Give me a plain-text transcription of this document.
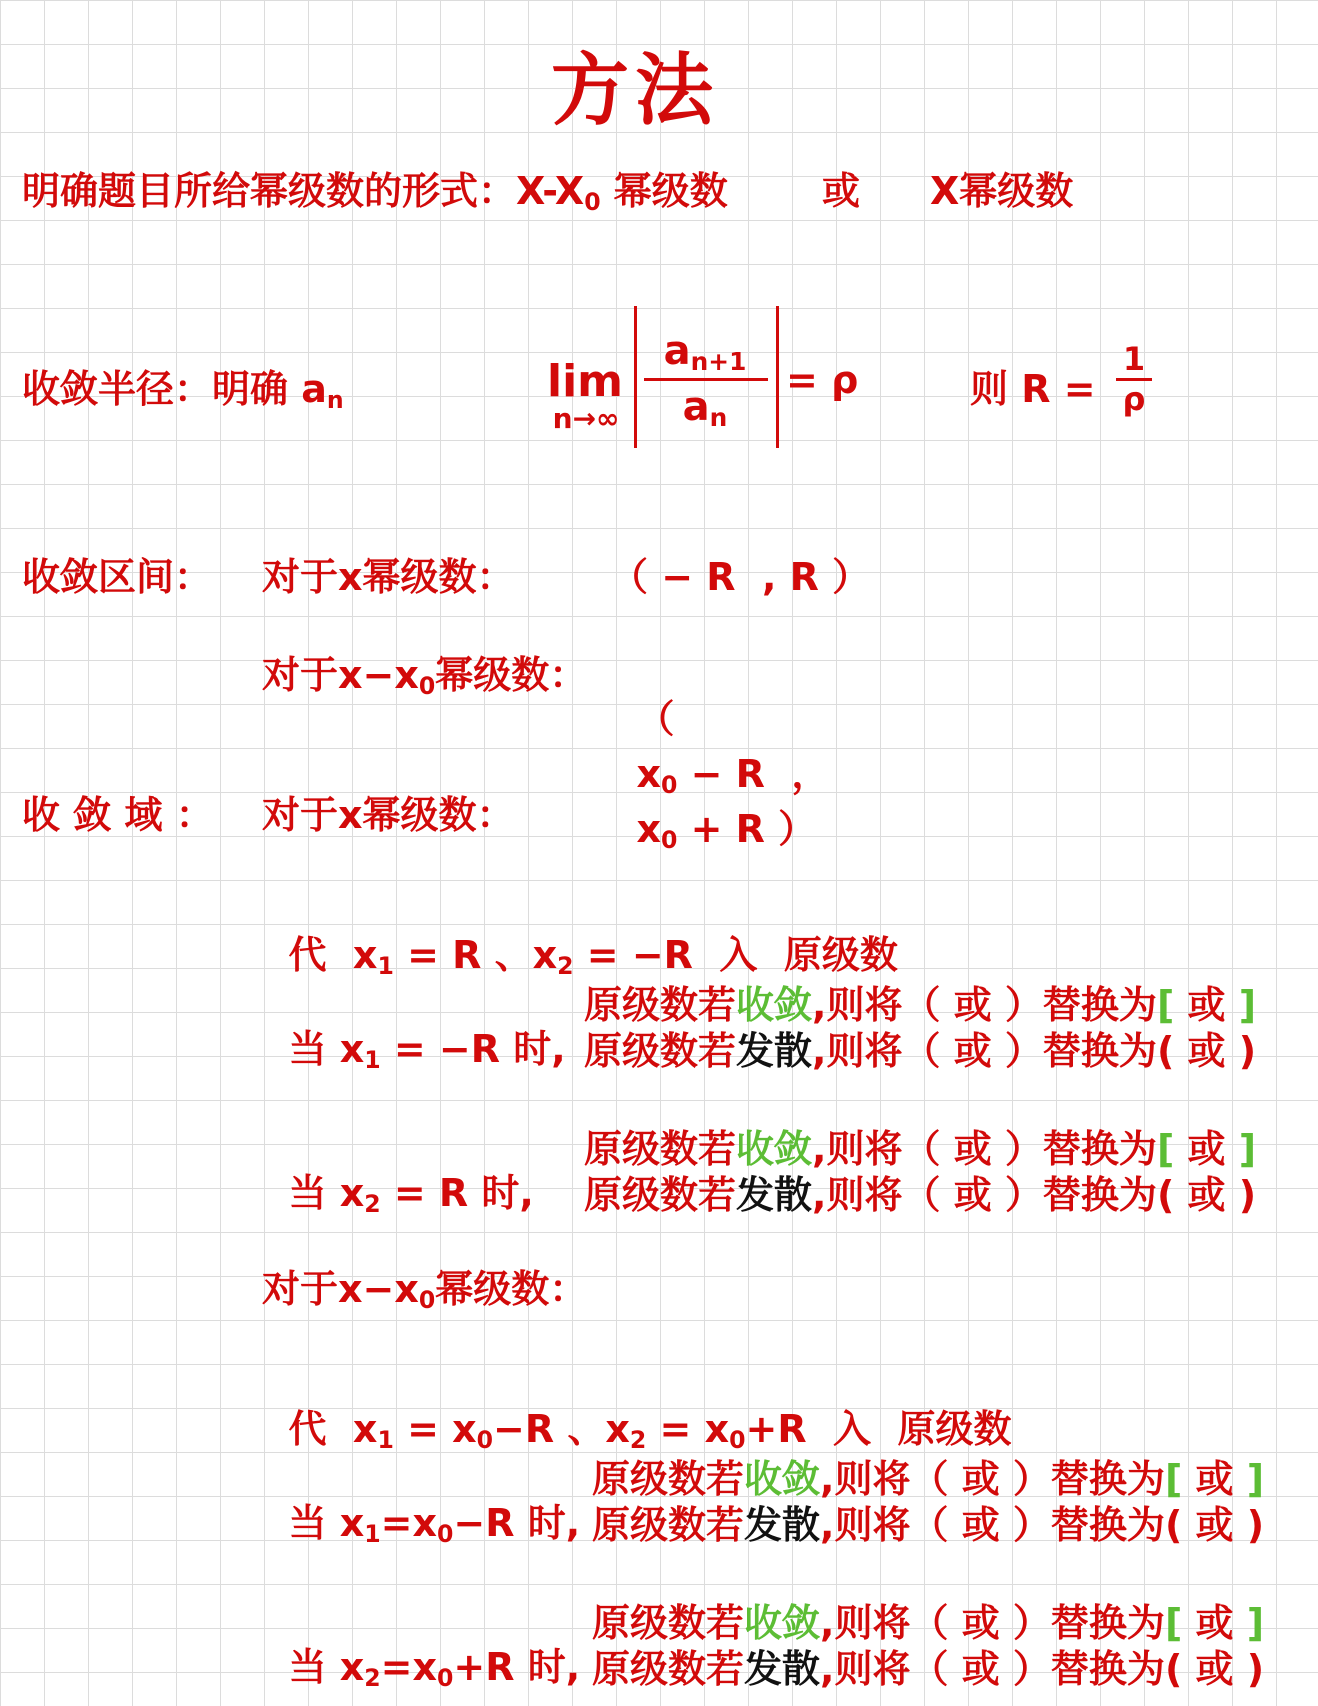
方法
明确题目所给幂级数的形式：$X-X_0$ 幂级数 或 X幂级数
收敛半径：明确 $a_n$	lim
n→∞
$a_{n+1}$
$a_n$
= ρ	则 R =
1
ρ
收敛区间： 对于x幂级数：	（ − R  , R ）
对于$x-x_0$幂级数：

（
$x_0 - R$  ，
$x_0 + R$ ）

收 敛 域 ： 对于x幂级数：

代  $x_1 = R$ 、$x_2 = -R$  入  原级数

当 $x_1 = -R$ 时,

原级数若收敛,则将（ 或 ）替换为[ 或 ]
原级数若发散,则将（ 或 ）替换为( 或 )

当 $x_2 = R$ 时,

原级数若收敛,则将（ 或 ）替换为[ 或 ]
原级数若发散,则将（ 或 ）替换为( 或 )
对于$x-x_0$幂级数：

代  $x_1 = x_0-R$ 、$x_2 = x_0+R$  入  原级数

当 $x_1=x_0-R$ 时,

原级数若收敛,则将（ 或 ）替换为[ 或 ]
原级数若发散,则将（ 或 ）替换为( 或 )

当 $x_2=x_0+R$ 时,

原级数若收敛,则将（ 或 ）替换为[ 或 ]
原级数若发散,则将（ 或 ）替换为( 或 )
